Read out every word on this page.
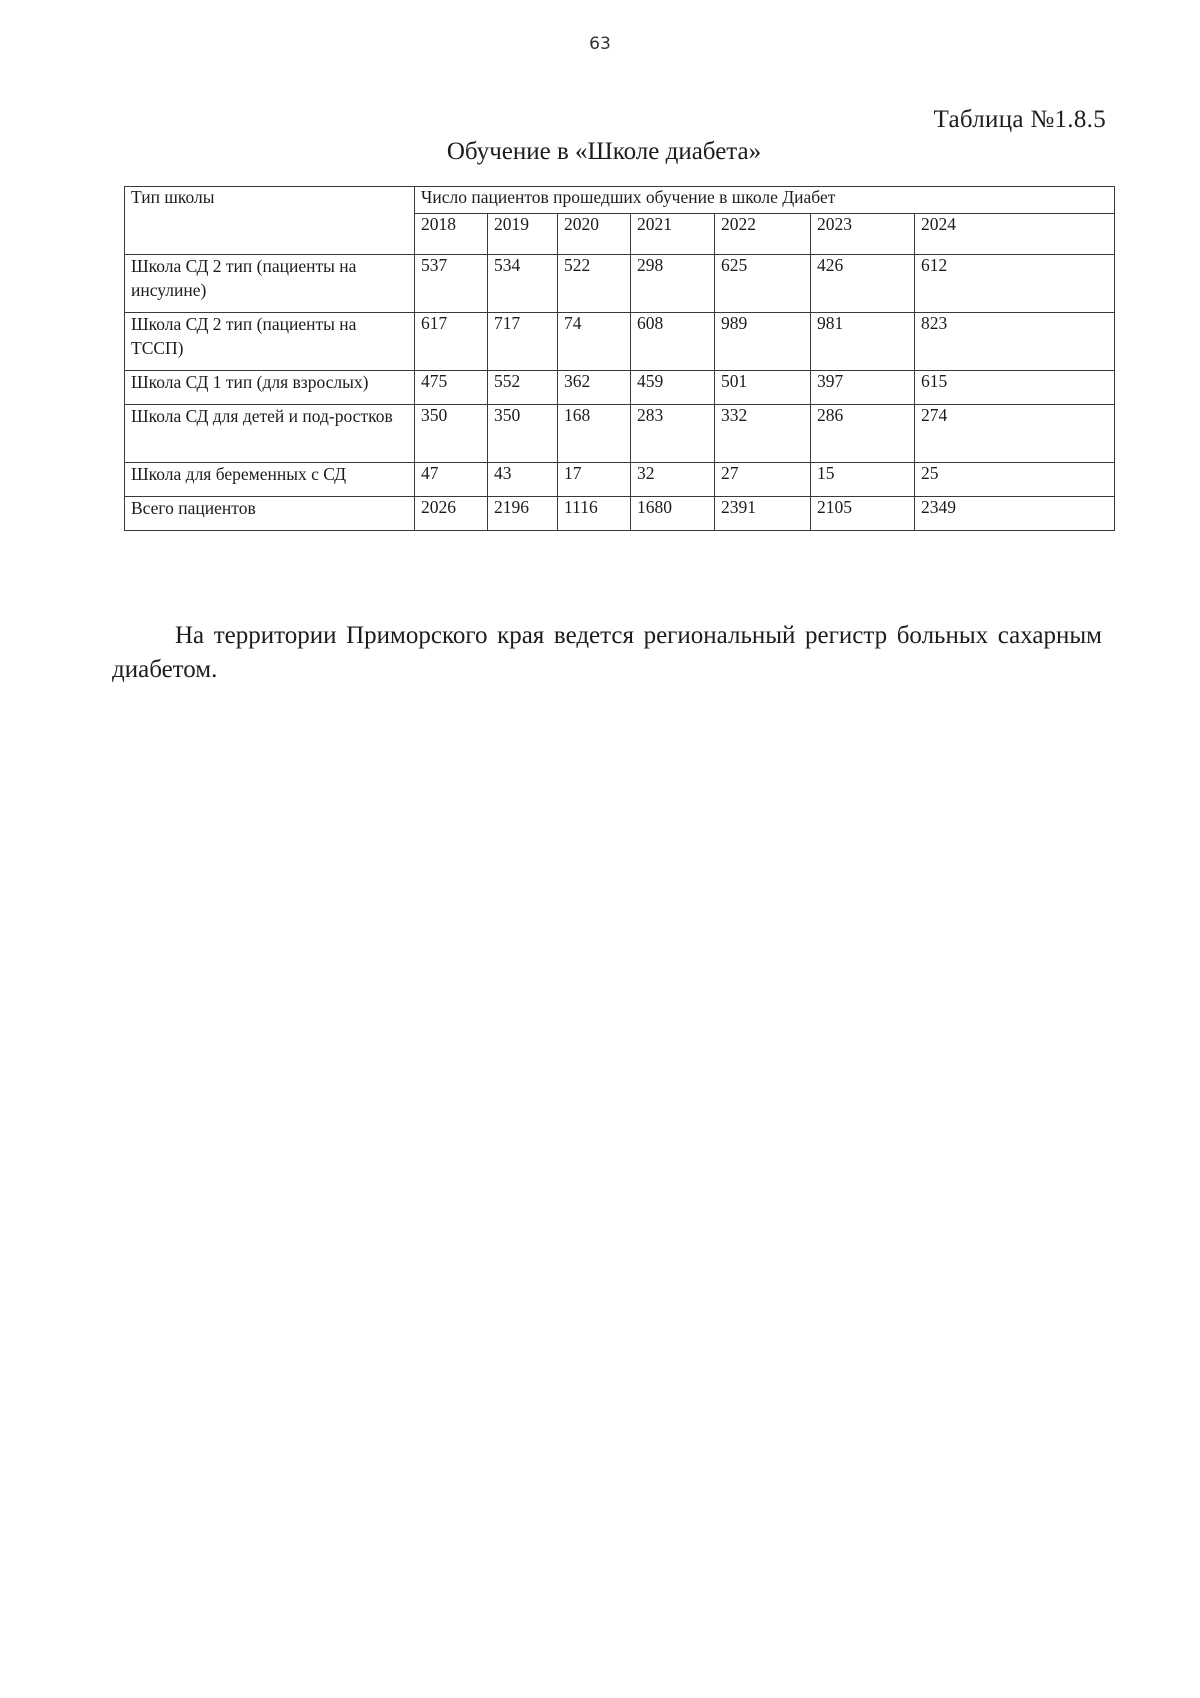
63
Таблица №1.8.5
Обучение в «Школе диабета»
Тип школы	Число пациентов прошедших обучение в школе Диабет						
	2018	2019	2020	2021	2022	2023	2024
Школа СД 2 тип (пациенты на инсулине)	537	534	522	298	625	426	612
Школа СД 2 тип (пациенты на ТССП)	617	717	74	608	989	981	823
Школа СД 1 тип (для взрослых)	475	552	362	459	501	397	615
Школа СД для детей и под-ростков	350	350	168	283	332	286	274
Школа для беременных с СД	47	43	17	32	27	15	25
Всего пациентов	2026	2196	1116	1680	2391	2105	2349

На территории Приморского края ведется региональный регистр больных сахарным диабетом.
